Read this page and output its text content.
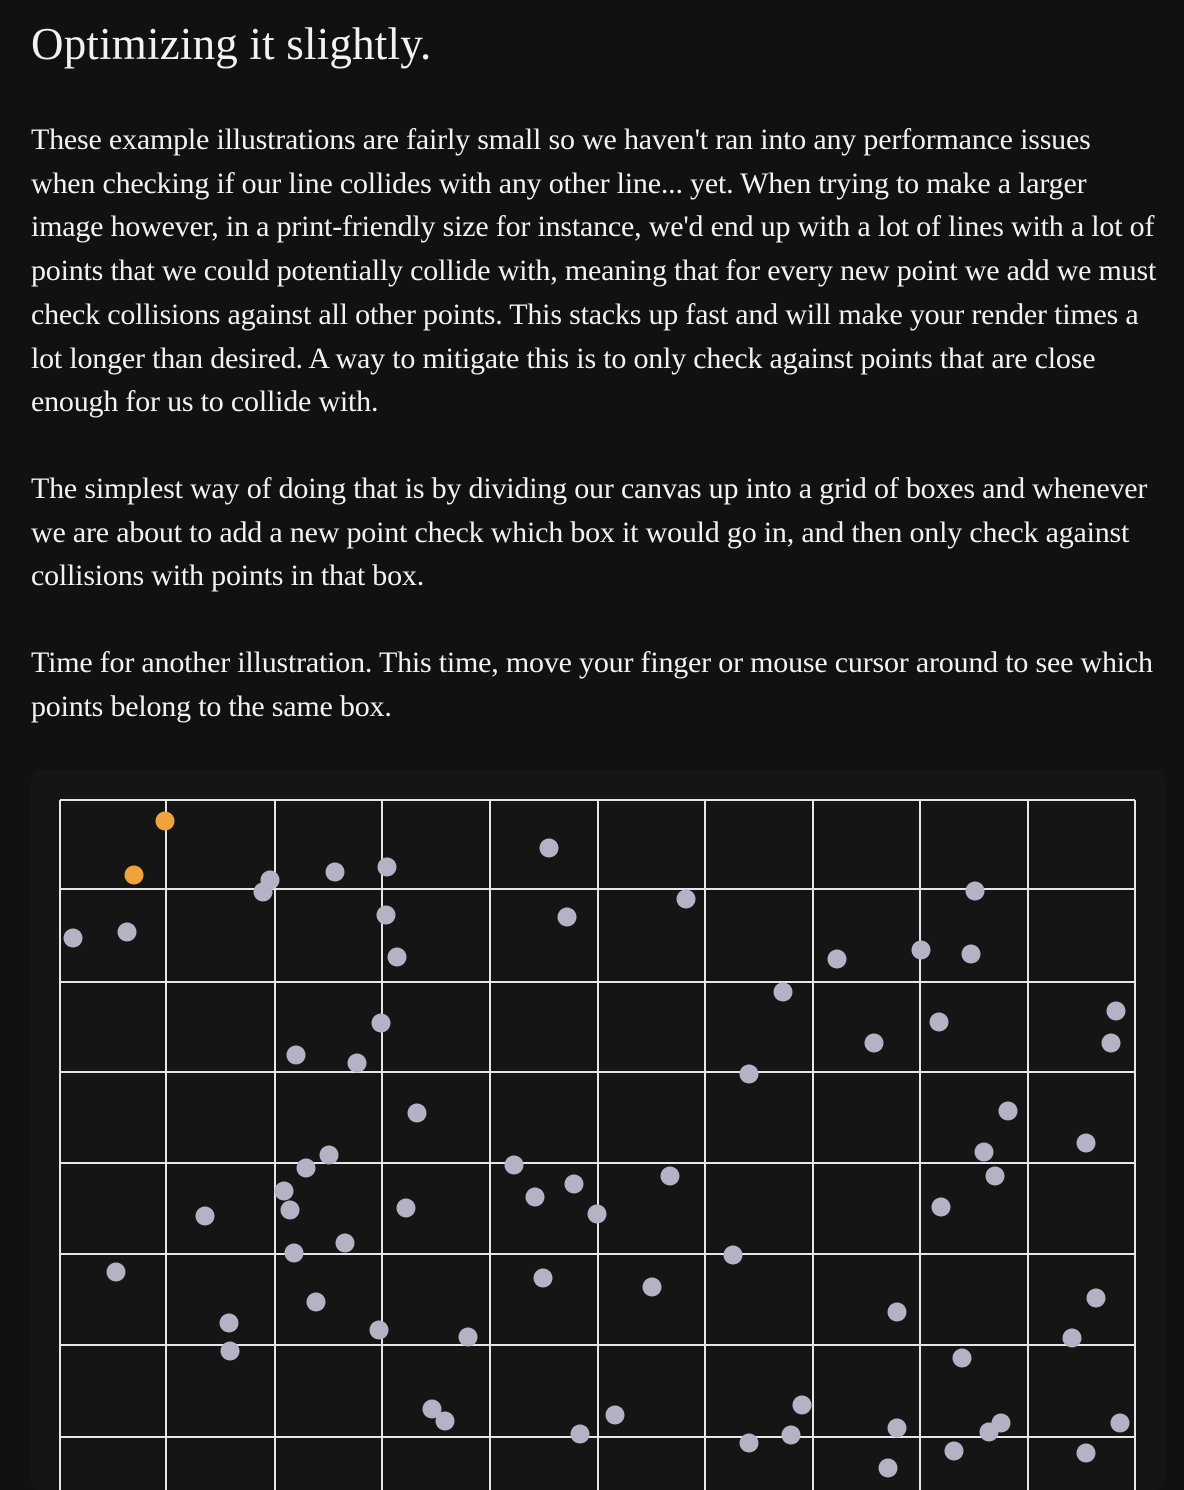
Optimizing it slightly.

These example illustrations are fairly small so we haven't ran into any performance issues when checking if our line collides with any other line... yet. When trying to make a larger image however, in a print-friendly size for instance, we'd end up with a lot of lines with a lot of points that we could potentially collide with, meaning that for every new point we add we must check collisions against all other points. This stacks up fast and will make your render times a lot longer than desired. A way to mitigate this is to only check against points that are close enough for us to collide with.

The simplest way of doing that is by dividing our canvas up into a grid of boxes and whenever we are about to add a new point check which box it would go in, and then only check against collisions with points in that box.

Time for another illustration. This time, move your finger or mouse cursor around to see which points belong to the same box.
